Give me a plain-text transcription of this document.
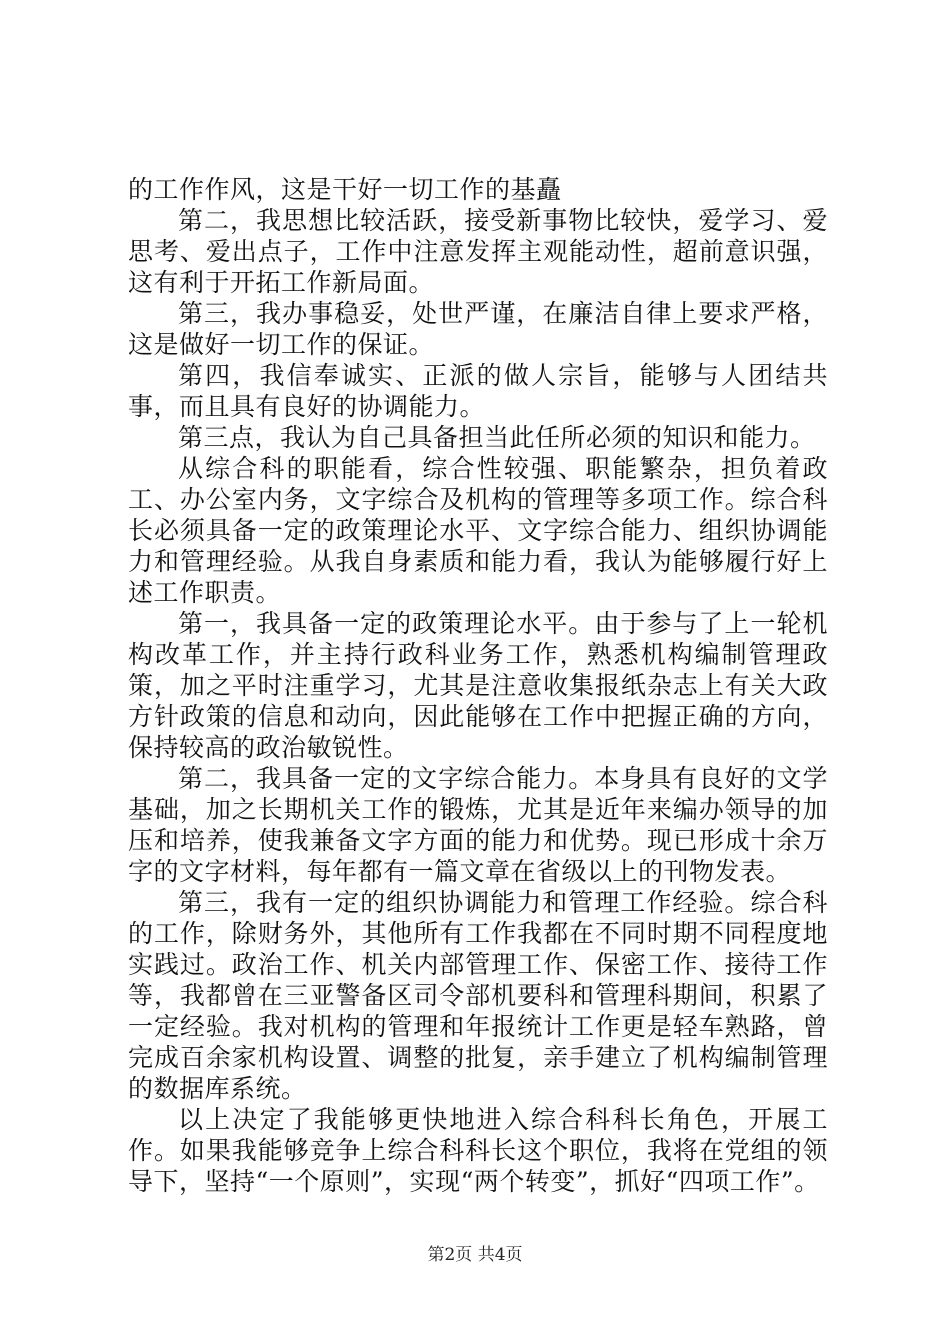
的工作作风，这是干好一切工作的基矗

第二，我思想比较活跃，接受新事物比较快，爱学习、爱思考、爱出点子，工作中注意发挥主观能动性，超前意识强，这有利于开拓工作新局面。

第三，我办事稳妥，处世严谨，在廉洁自律上要求严格，这是做好一切工作的保证。

第四，我信奉诚实、正派的做人宗旨，能够与人团结共事，而且具有良好的协调能力。

第三点，我认为自己具备担当此任所必须的知识和能力。

从综合科的职能看，综合性较强、职能繁杂，担负着政工、办公室内务，文字综合及机构的管理等多项工作。综合科长必须具备一定的政策理论水平、文字综合能力、组织协调能力和管理经验。从我自身素质和能力看，我认为能够履行好上述工作职责。

第一，我具备一定的政策理论水平。由于参与了上一轮机构改革工作，并主持行政科业务工作，熟悉机构编制管理政策，加之平时注重学习，尤其是注意收集报纸杂志上有关大政方针政策的信息和动向，因此能够在工作中把握正确的方向，保持较高的政治敏锐性。

第二，我具备一定的文字综合能力。本身具有良好的文学基础，加之长期机关工作的锻炼，尤其是近年来编办领导的加压和培养，使我兼备文字方面的能力和优势。现已形成十余万字的文字材料，每年都有一篇文章在省级以上的刊物发表。

第三，我有一定的组织协调能力和管理工作经验。综合科的工作，除财务外，其他所有工作我都在不同时期不同程度地实践过。政治工作、机关内部管理工作、保密工作、接待工作等，我都曾在三亚警备区司令部机要科和管理科期间，积累了一定经验。我对机构的管理和年报统计工作更是轻车熟路，曾完成百余家机构设置、调整的批复，亲手建立了机构编制管理的数据库系统。

以上决定了我能够更快地进入综合科科长角色，开展工作。如果我能够竞争上综合科科长这个职位，我将在党组的领导下，坚持“一个原则”，实现“两个转变”，抓好“四项工作”。

第2页 共4页
